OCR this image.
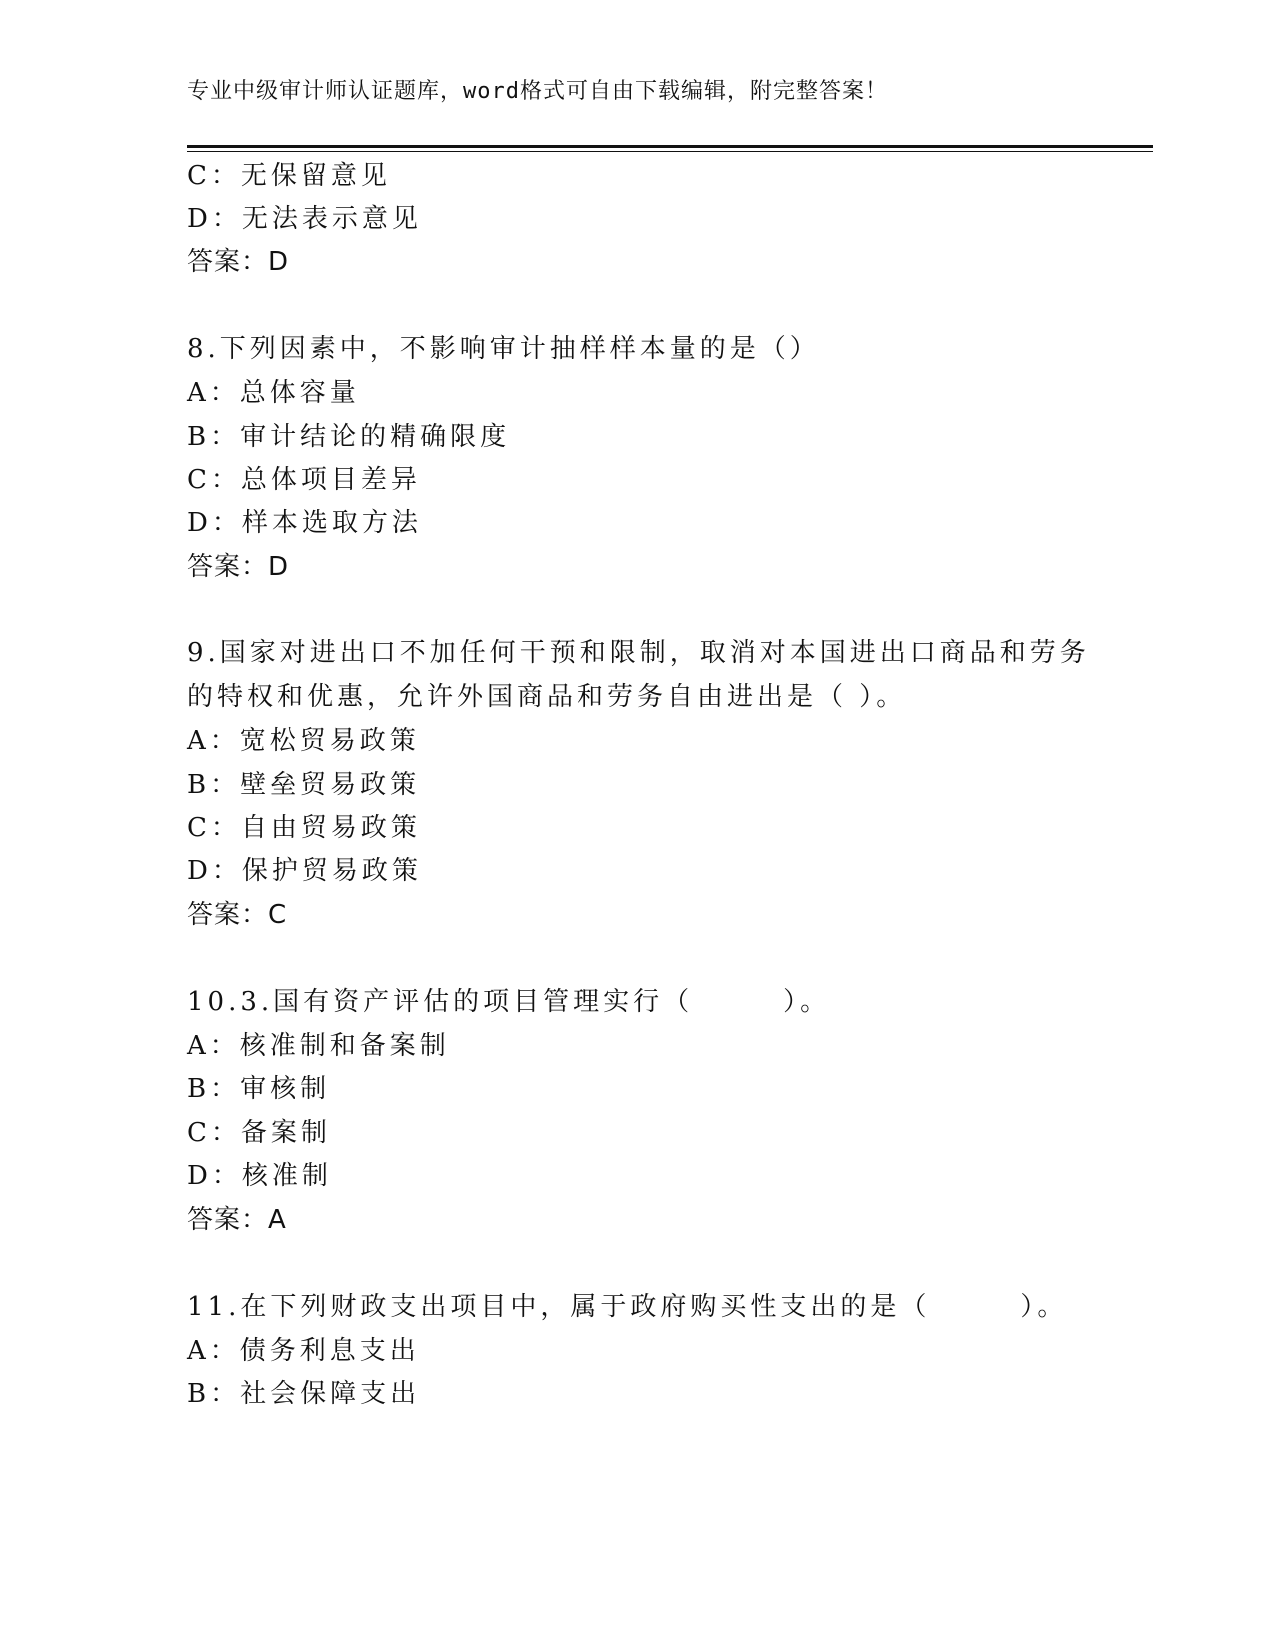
专业中级审计师认证题库，word格式可自由下载编辑，附完整答案！
C：无保留意见
D：无法表示意见
答案：D
8.下列因素中，不影响审计抽样样本量的是（）
A：总体容量
B：审计结论的精确限度
C：总体项目差异
D：样本选取方法
答案：D
9.国家对进出口不加任何干预和限制，取消对本国进出口商品和劳务
的特权和优惠，允许外国商品和劳务自由进出是（ ）。
A：宽松贸易政策
B：壁垒贸易政策
C：自由贸易政策
D：保护贸易政策
答案：C
10.3.国有资产评估的项目管理实行（　　　）。
A：核准制和备案制
B：审核制
C：备案制
D：核准制
答案：A
11.在下列财政支出项目中，属于政府购买性支出的是（　　　）。
A：债务利息支出
B：社会保障支出
